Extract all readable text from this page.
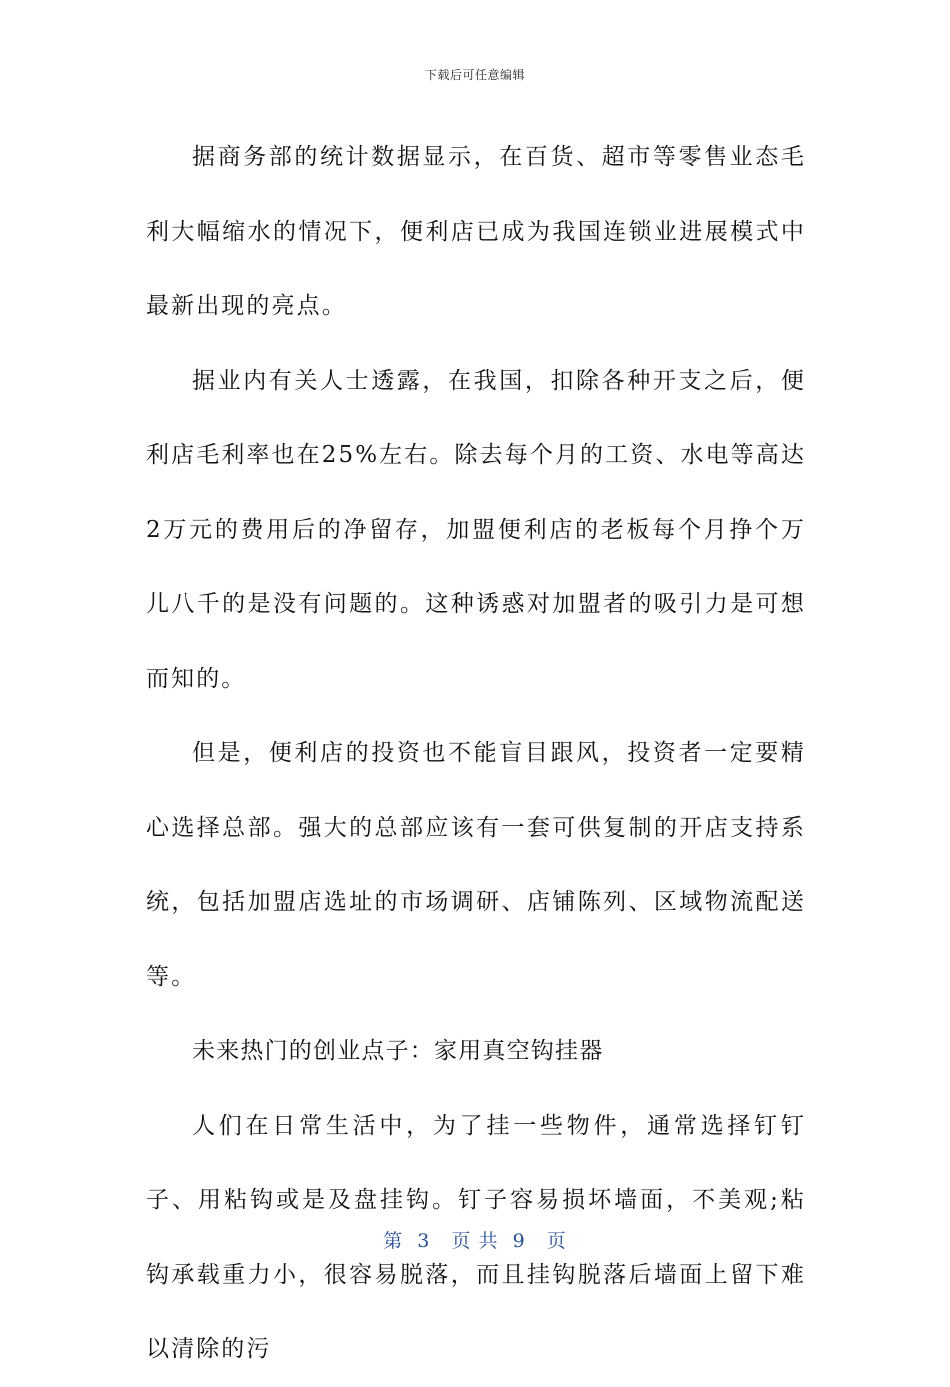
下载后可任意编辑

据商务部的统计数据显示，在百货、超市等零售业态毛利大幅缩水的情况下，便利店已成为我国连锁业进展模式中最新出现的亮点。

据业内有关人士透露，在我国，扣除各种开支之后，便利店毛利率也在25%左右。除去每个月的工资、水电等高达2万元的费用后的净留存，加盟便利店的老板每个月挣个万儿八千的是没有问题的。这种诱惑对加盟者的吸引力是可想而知的。

但是，便利店的投资也不能盲目跟风，投资者一定要精心选择总部。强大的总部应该有一套可供复制的开店支持系统，包括加盟店选址的市场调研、店铺陈列、区域物流配送等。

未来热门的创业点子：家用真空钩挂器

人们在日常生活中，为了挂一些物件，通常选择钉钉子、用粘钩或是及盘挂钩。钉子容易损坏墙面，不美观;粘钩承载重力小，很容易脱落，而且挂钩脱落后墙面上留下难以清除的污

第  3   页 共  9   页
